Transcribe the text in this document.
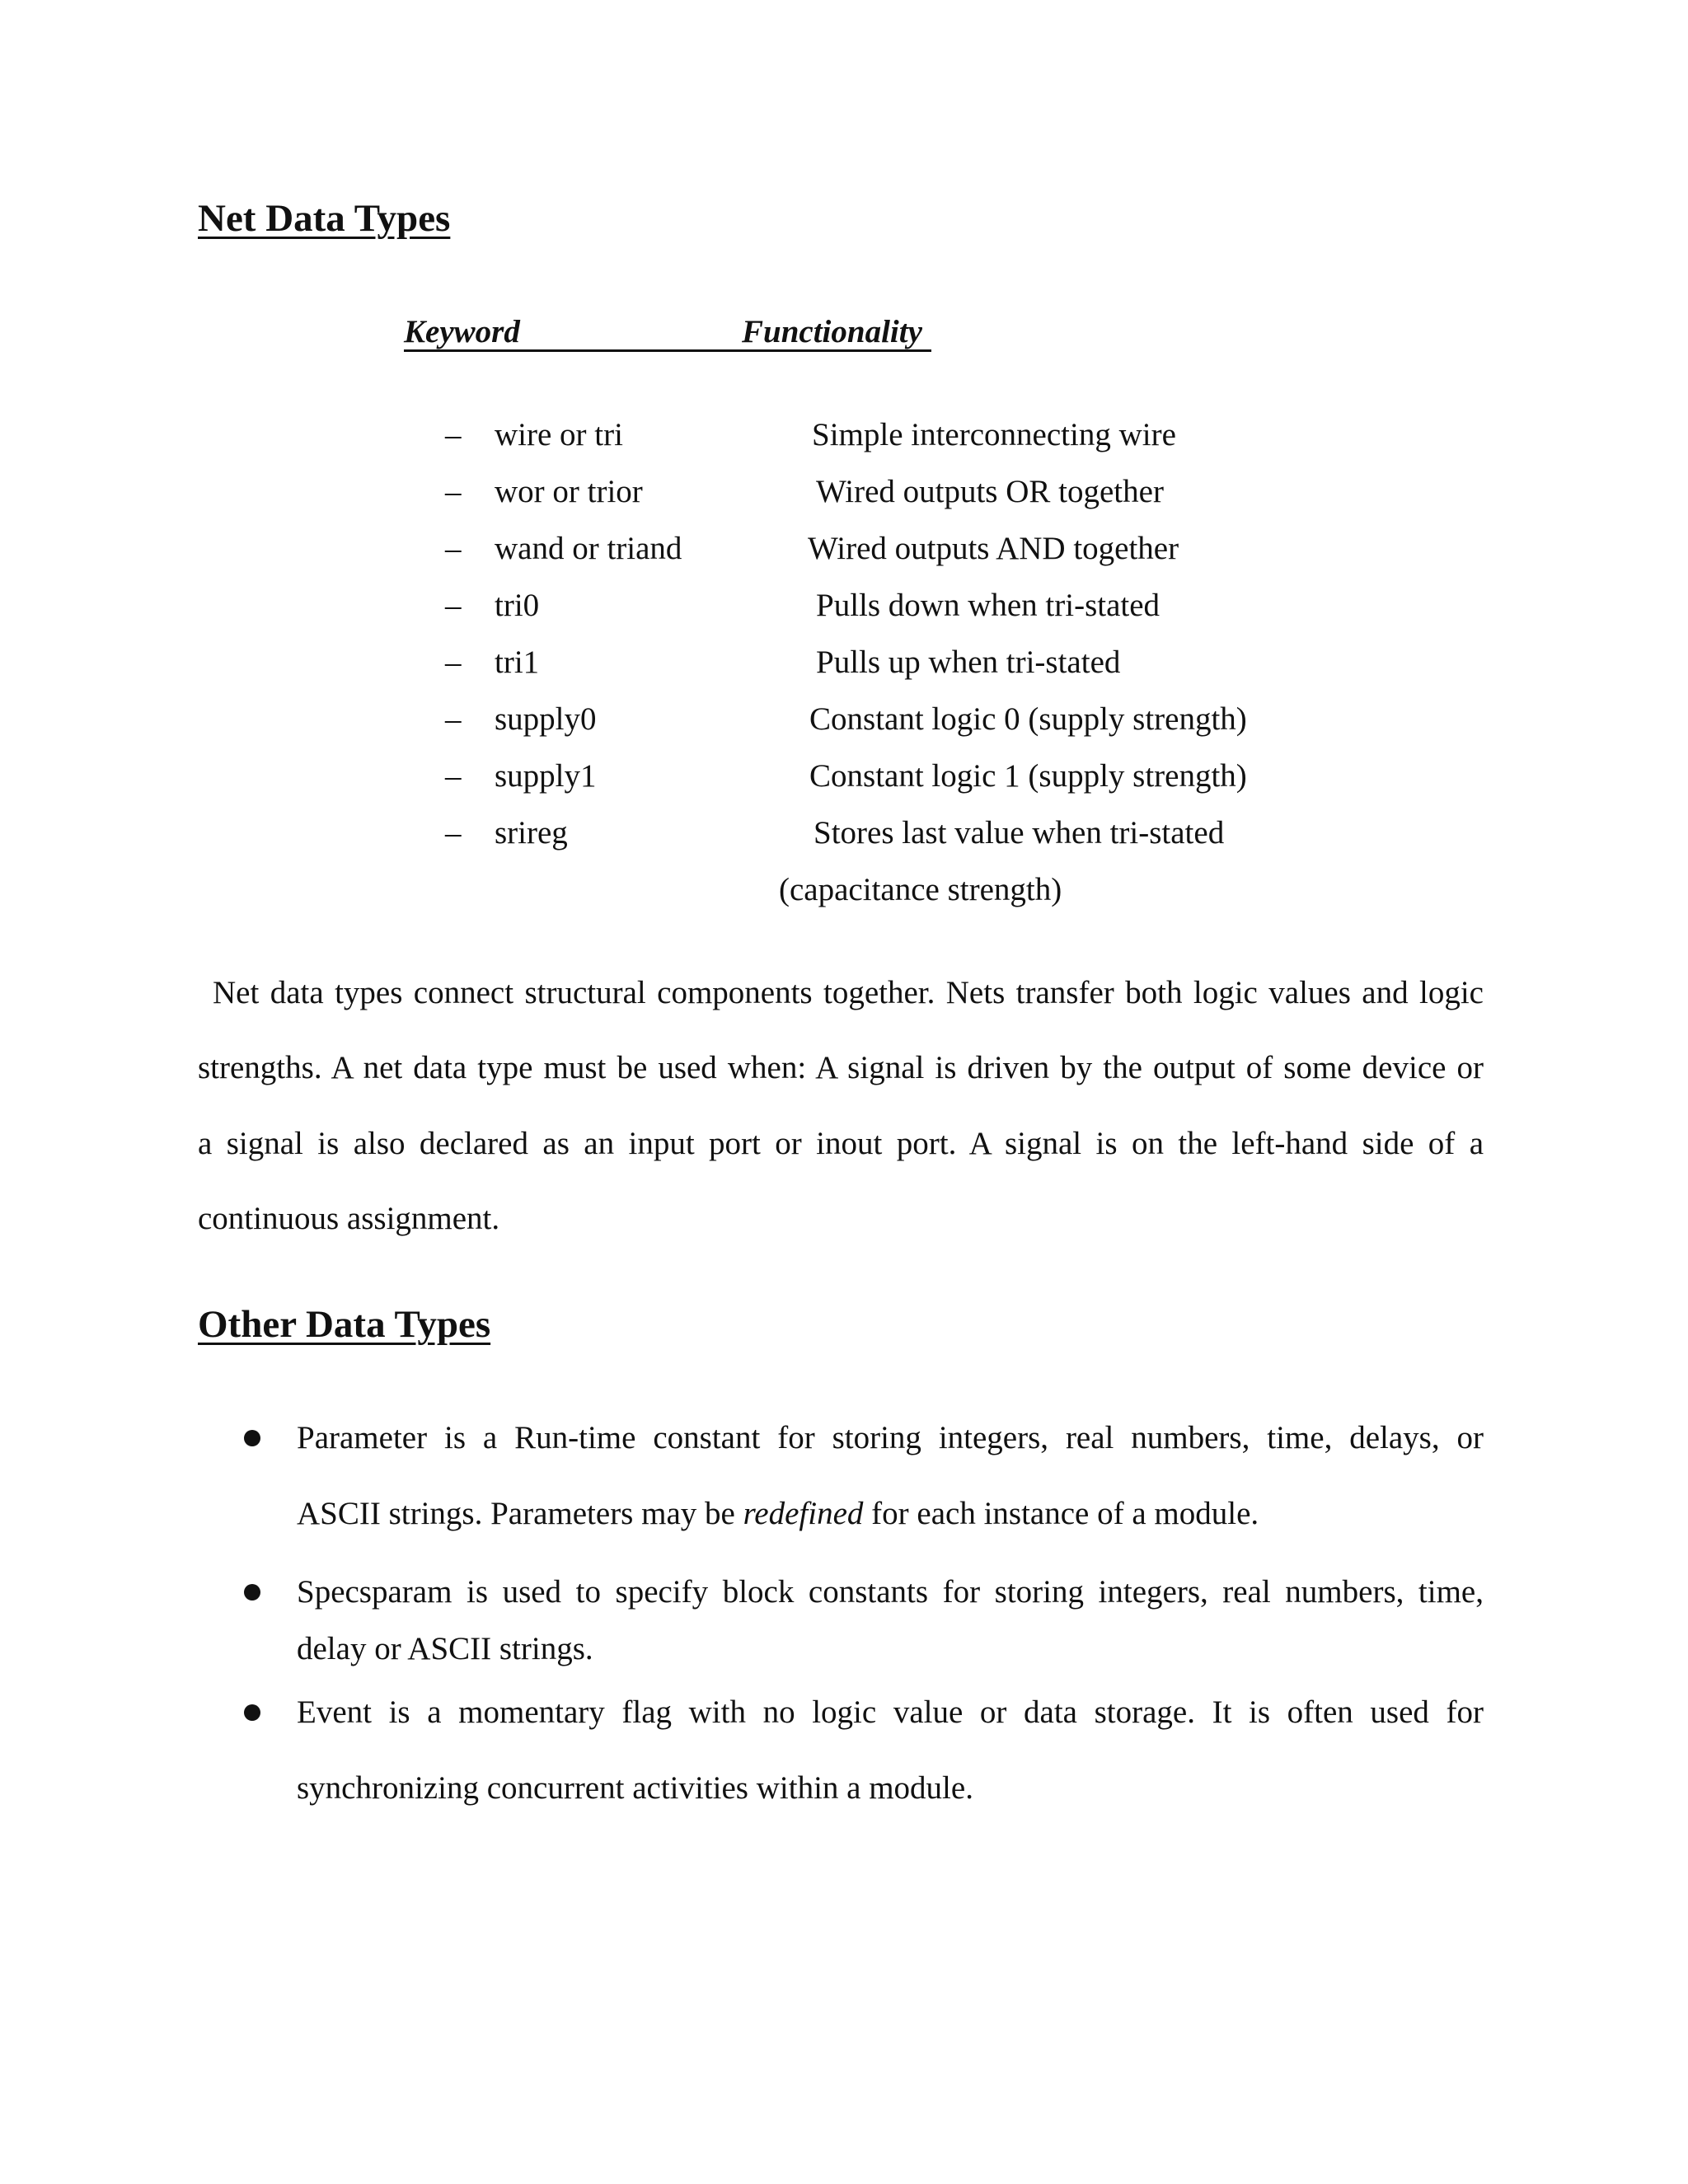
Net Data Types
Keyword	Functionality
– wire or tri	Simple interconnecting wire
– wor or trior	Wired outputs OR together
– wand or triand	Wired outputs AND together
– tri0	Pulls down when tri-stated
– tri1	Pulls up when tri-stated
– supply0	Constant logic 0 (supply strength)
– supply1	Constant logic 1 (supply strength)
– srireg	Stores last value when tri-stated
(capacitance strength)
Net data types connect structural components together. Nets transfer both logic values and logic
strengths. A net data type must be used when: A signal is driven by the output of some device or
a signal is also declared as an input port or inout port. A signal is on the left-hand side of a
continuous assignment.
Other Data Types
Parameter is a Run-time constant for storing integers, real numbers, time, delays, or
ASCII strings. Parameters may be redefined for each instance of a module.
Specsparam is used to specify block constants for storing integers, real numbers, time,
delay or ASCII strings.
Event is a momentary flag with no logic value or data storage. It is often used for
synchronizing concurrent activities within a module.
